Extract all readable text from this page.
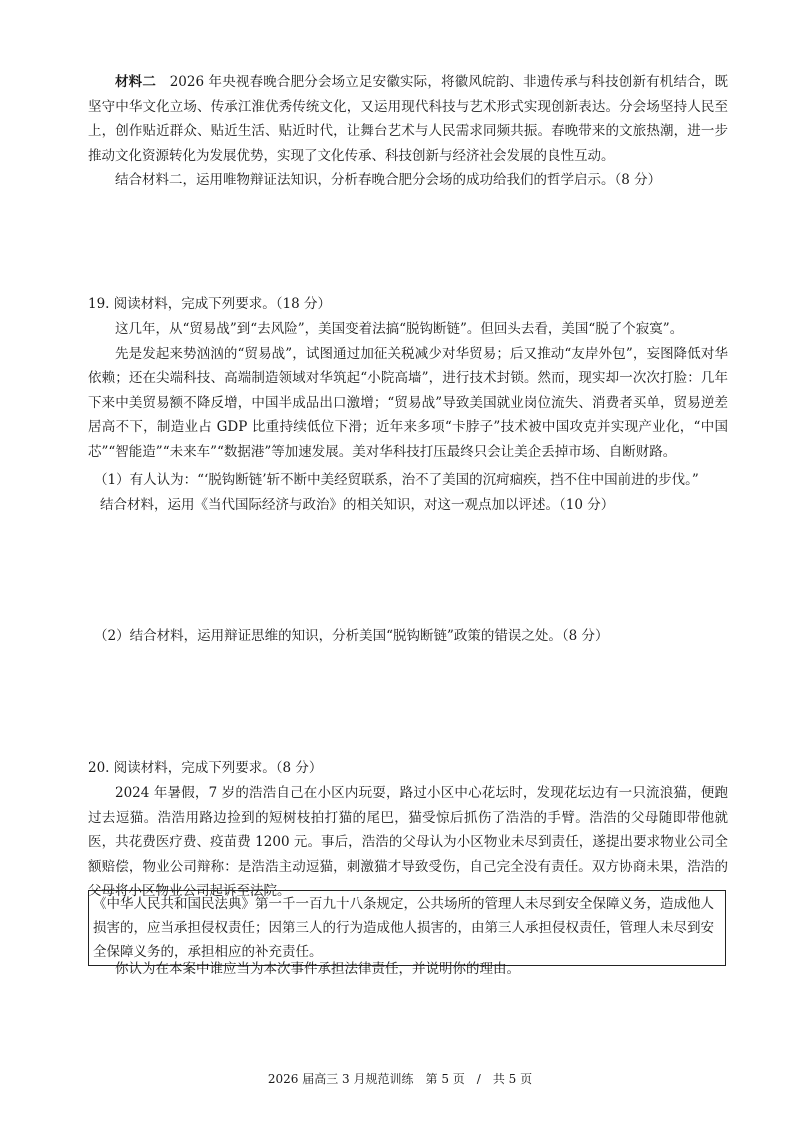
材料二　 2026 年央视春晚合肥分会场立足安徽实际，将徽风皖韵、非遗传承与科技创新有机结合，既坚守中华文化立场、传承江淮优秀传统文化，又运用现代科技与艺术形式实现创新表达。分会场坚持人民至上，创作贴近群众、贴近生活、贴近时代，让舞台艺术与人民需求同频共振。春晚带来的文旅热潮，进一步推动文化资源转化为发展优势，实现了文化传承、科技创新与经济社会发展的良性互动。

结合材料二，运用唯物辩证法知识，分析春晚合肥分会场的成功给我们的哲学启示。（8 分）

19. 阅读材料，完成下列要求。（18 分）

这几年，从“贸易战”到“去风险”，美国变着法搞“脱钩断链”。但回头去看，美国“脱了个寂寞”。

先是发起来势汹汹的“贸易战”，试图通过加征关税减少对华贸易；后又推动“友岸外包”，妄图降低对华依赖；还在尖端科技、高端制造领域对华筑起“小院高墙”，进行技术封锁。然而，现实却一次次打脸：几年下来中美贸易额不降反增，中国半成品出口激增；“贸易战”导致美国就业岗位流失、消费者买单，贸易逆差居高不下，制造业占 GDP 比重持续低位下滑；近年来多项“卡脖子”技术被中国攻克并实现产业化，“中国芯”“智能造”“未来车”“数据港”等加速发展。美对华科技打压最终只会让美企丢掉市场、自断财路。

（1）有人认为：“‘脱钩断链’斩不断中美经贸联系，治不了美国的沉疴痼疾，挡不住中国前进的步伐。”
结合材料，运用《当代国际经济与政治》的相关知识，对这一观点加以评述。（10 分）
（2）结合材料，运用辩证思维的知识，分析美国“脱钩断链”政策的错误之处。（8 分）
20. 阅读材料，完成下列要求。（8 分）

2024 年暑假，7 岁的浩浩自己在小区内玩耍，路过小区中心花坛时，发现花坛边有一只流浪猫，便跑过去逗猫。浩浩用路边捡到的短树枝拍打猫的尾巴，猫受惊后抓伤了浩浩的手臂。浩浩的父母随即带他就医，共花费医疗费、疫苗费 1200 元。事后，浩浩的父母认为小区物业未尽到责任，遂提出要求物业公司全额赔偿，物业公司辩称：是浩浩主动逗猫，刺激猫才导致受伤，自己完全没有责任。双方协商未果，浩浩的父母将小区物业公司起诉至法院。

《中华人民共和国民法典》第一千一百九十八条规定，公共场所的管理人未尽到安全保障义务，造成他人损害的，应当承担侵权责任；因第三人的行为造成他人损害的，由第三人承担侵权责任，管理人未尽到安全保障义务的，承担相应的补充责任。

你认为在本案中谁应当为本次事件承担法律责任，并说明你的理由。

2026 届高三 3 月规范训练　第 5 页　/　共 5 页
